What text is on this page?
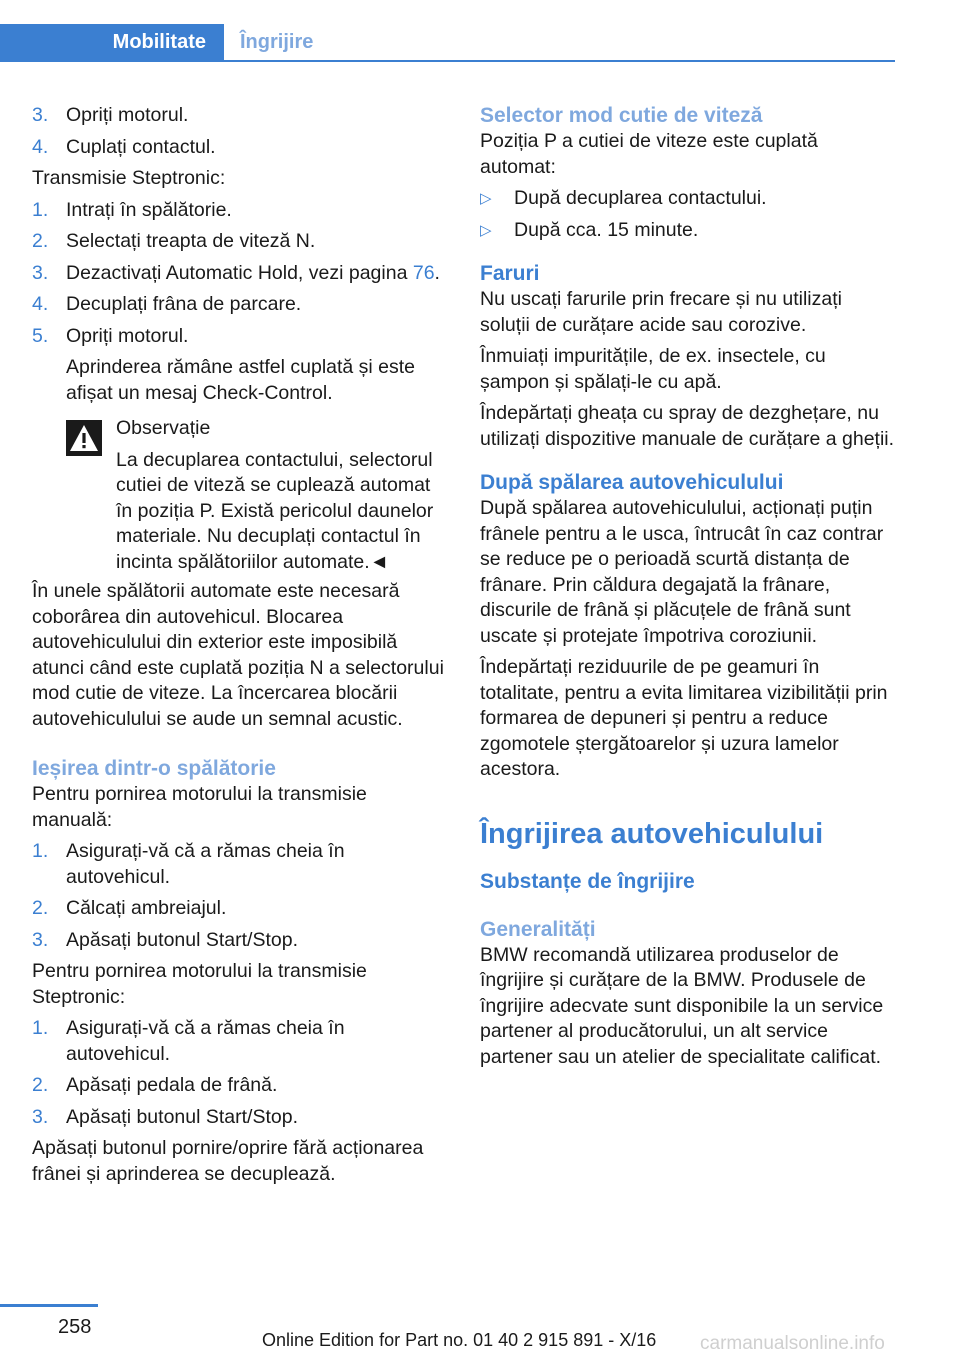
Mobilitate	Îngrijire
3. Opriți motorul.
4. Cuplați contactul.

Transmisie Steptronic:

1. Intrați în spălătorie.
2. Selectați treapta de viteză N.
3. Dezactivați Automatic Hold, vezi pagina 76.
4. Decuplați frâna de parcare.
5. Opriți motorul.
Aprinderea rămâne astfel cuplată și este afișat un mesaj Check-Control.
Observație
La decuplarea contactului, selectorul cutiei de viteză se cuplează automat în poziția P. Există pericolul daunelor materiale. Nu decuplați contactul în incinta spălătoriilor automate.◄

În unele spălătorii automate este necesară coborârea din autovehicul. Blocarea autovehiculului din exterior este imposibilă atunci când este cuplată poziția N a selectorului mod cutie de viteze. La încercarea blocării autovehiculului se aude un semnal acustic.

Ieșirea dintr-o spălătorie

Pentru pornirea motorului la transmisie manuală:

1. Asigurați-vă că a rămas cheia în autovehicul.
2. Călcați ambreiajul.
3. Apăsați butonul Start/Stop.

Pentru pornirea motorului la transmisie Steptronic:

1. Asigurați-vă că a rămas cheia în autovehicul.
2. Apăsați pedala de frână.
3. Apăsați butonul Start/Stop.

Apăsați butonul pornire/oprire fără acționarea frânei și aprinderea se decuplează.

Selector mod cutie de viteză

Poziția P a cutiei de viteze este cuplată automat:

▷ După decuplarea contactului.
▷ După cca. 15 minute.
Faruri

Nu uscați farurile prin frecare și nu utilizați soluții de curățare acide sau corozive.

Înmuiați impuritățile, de ex. insectele, cu șampon și spălați-le cu apă.

Îndepărtați gheața cu spray de dezghețare, nu utilizați dispozitive manuale de curățare a gheții.

După spălarea autovehiculului

După spălarea autovehiculului, acționați puțin frânele pentru a le usca, întrucât în caz contrar se reduce pe o perioadă scurtă distanța de frânare. Prin căldura degajată la frânare, discurile de frână și plăcuțele de frână sunt uscate și protejate împotriva coroziunii.

Îndepărtați reziduurile de pe geamuri în totalitate, pentru a evita limitarea vizibilității prin formarea de depuneri și pentru a reduce zgomotele ștergătoarelor și uzura lamelor acestora.

Îngrijirea autovehiculului
Substanțe de îngrijire
Generalități

BMW recomandă utilizarea produselor de îngrijire și curățare de la BMW. Produsele de îngrijire adecvate sunt disponibile la un service partener al producătorului, un alt service partener sau un atelier de specialitate calificat.

258
Online Edition for Part no. 01 40 2 915 891 - X/16 carmanualsonline.info
